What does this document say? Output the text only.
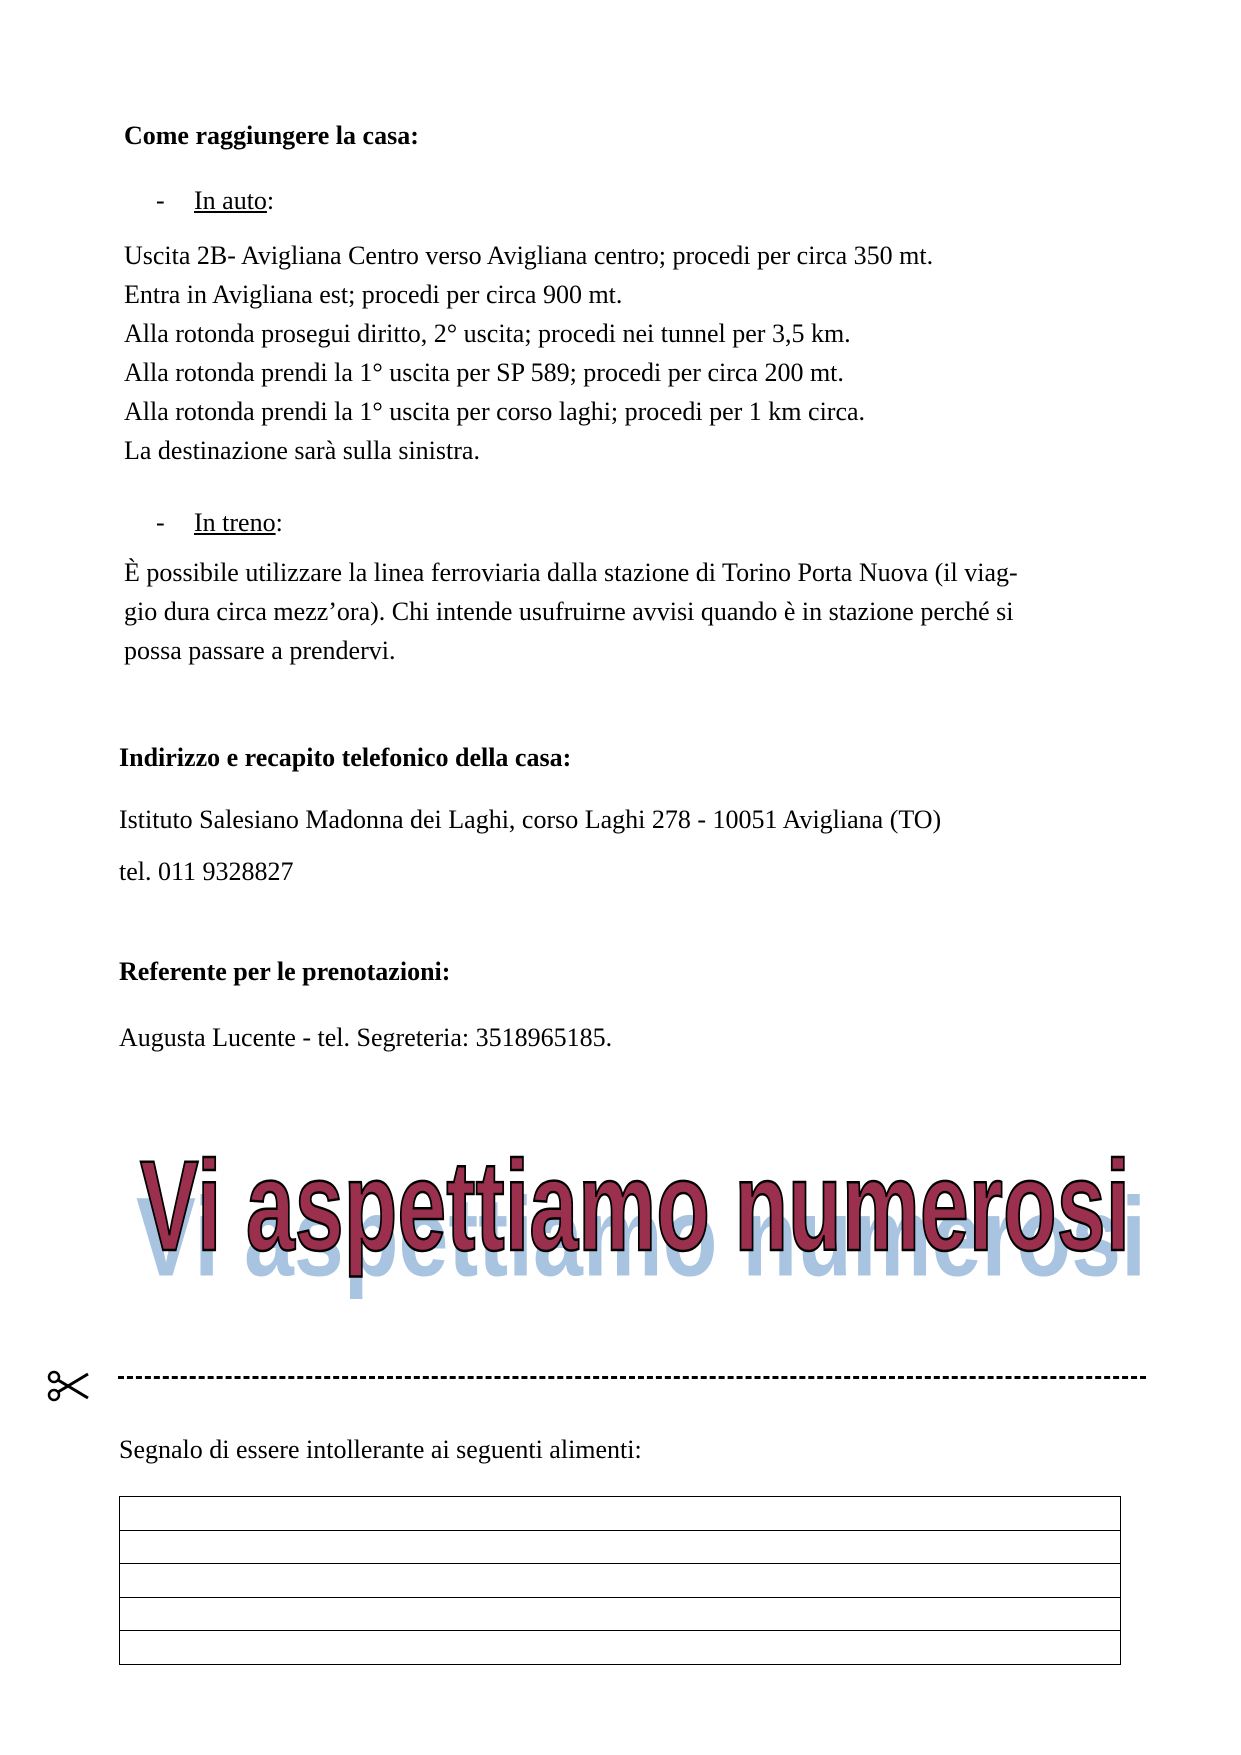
Come raggiungere la casa:
-	In auto :
Uscita 2B- Avigliana Centro verso Avigliana centro; procedi per circa 350 mt.
Entra in Avigliana est; procedi per circa 900 mt.
Alla rotonda prosegui diritto, 2° uscita; procedi nei tunnel per 3,5 km.
Alla rotonda prendi la 1° uscita per SP 589; procedi per circa 200 mt.
Alla rotonda prendi la 1° uscita per corso laghi; procedi per 1 km circa.
La destinazione sarà sulla sinistra.
-	In treno :
È possibile utilizzare la linea ferroviaria dalla stazione di Torino Porta Nuova (il viag-
gio dura circa mezz’ora). Chi intende usufruirne avvisi quando è in stazione perché si
possa passare a prendervi.
Indirizzo e recapito telefonico della casa:
Istituto Salesiano Madonna dei Laghi, corso Laghi 278 - 10051 Avigliana (TO)
tel. 011 9328827
Referente per le prenotazioni:
Augusta Lucente - tel. Segreteria: 3518965185.
Vi aspettiamo numerosi
Vi aspettiamo numerosi
Segnalo di essere intollerante ai seguenti alimenti:
